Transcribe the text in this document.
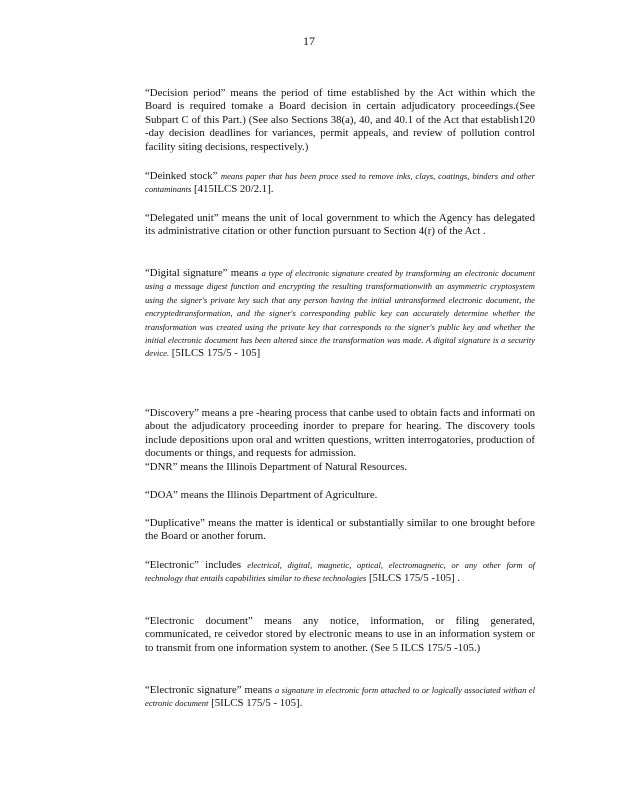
17

“Decision period” means the period of time established by the Act within which the Board is required tomake a Board decision in certain adjudicatory proceedings.(See Subpart C of this Part.) (See also Sections 38(a), 40, and 40.1 of the Act that establish120 -day decision deadlines for variances, permit appeals, and review of pollution control facility siting decisions, respectively.)

“Deinked stock” means paper that has been proce ssed to remove inks, clays, coatings, binders and other contaminants [415ILCS 20/2.1].

“Delegated unit” means the unit of local government to which the Agency has delegated its administrative citation or other function pursuant to Section 4(r) of the Act .

“Digital signature” means a type of electronic signature created by transforming an electronic document using a message digest function and encrypting the resulting transformationwith an asymmetric cryptosystem using the signer's private key such that any person having the initial untransformed electronic document, the encryptedtransformation, and the signer's corresponding public key can accurately determine whether the transformation was created using the private key that corresponds to the signer's public key and whether the initial electronic document has been altered since the transformation was made. A digital signature is a security device. [5ILCS 175/5 - 105]

“Discovery” means a pre -hearing process that canbe used to obtain facts and informati on about the adjudicatory proceeding inorder to prepare for hearing. The discovery tools include depositions upon oral and written questions, written interrogatories, production of documents or things, and requests for admission.

“DNR” means the Illinois Department of Natural Resources.

“DOA” means the Illinois Department of Agriculture.

“Duplicative” means the matter is identical or substantially similar to one brought before the Board or another forum.

“Electronic” includes electrical, digital, magnetic, optical, electromagnetic, or any other form of technology that entails capabilities similar to these technologies [5ILCS 175/5 -105] .

“Electronic document” means any notice, information, or filing generated, communicated, re ceivedor stored by electronic means to use in an information system or to transmit from one information system to another. (See 5 ILCS 175/5 -105.)

“Electronic signature” means a signature in electronic form attached to or logically associated withan el ectronic document [5ILCS 175/5 - 105].
